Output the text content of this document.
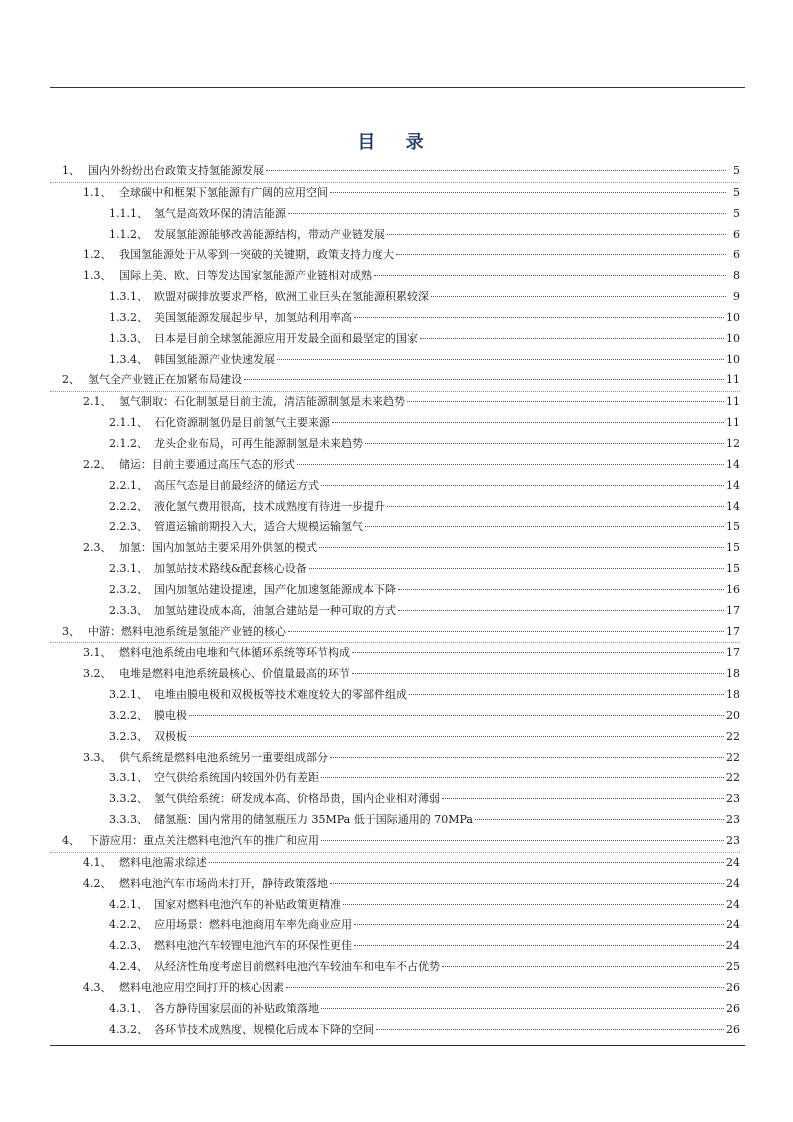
目 录
1、 国内外纷纷出台政策支持氢能源发展	5
1.1、 全球碳中和框架下氢能源有广阔的应用空间	5
1.1.1、 氢气是高效环保的清洁能源	5
1.1.2、 发展氢能源能够改善能源结构，带动产业链发展	6
1.2、 我国氢能源处于从零到一突破的关键期，政策支持力度大	6
1.3、 国际上美、欧、日等发达国家氢能源产业链相对成熟	8
1.3.1、 欧盟对碳排放要求严格，欧洲工业巨头在氢能源积累较深	9
1.3.2、 美国氢能源发展起步早，加氢站利用率高	10
1.3.3、 日本是目前全球氢能源应用开发最全面和最坚定的国家	10
1.3.4、 韩国氢能源产业快速发展	10
2、 氢气全产业链正在加紧布局建设	11
2.1、 氢气制取：石化制氢是目前主流，清洁能源制氢是未来趋势	11
2.1.1、 石化资源制氢仍是目前氢气主要来源	11
2.1.2、 龙头企业布局，可再生能源制氢是未来趋势	12
2.2、 储运：目前主要通过高压气态的形式	14
2.2.1、 高压气态是目前最经济的储运方式	14
2.2.2、 液化氢气费用很高，技术成熟度有待进一步提升	14
2.2.3、 管道运输前期投入大，适合大规模运输氢气	15
2.3、 加氢：国内加氢站主要采用外供氢的模式	15
2.3.1、 加氢站技术路线&配套核心设备	15
2.3.2、 国内加氢站建设提速，国产化加速氢能源成本下降	16
2.3.3、 加氢站建设成本高，油氢合建站是一种可取的方式	17
3、 中游：燃料电池系统是氢能产业链的核心	17
3.1、 燃料电池系统由电堆和气体循环系统等环节构成	17
3.2、 电堆是燃料电池系统最核心、价值量最高的环节	18
3.2.1、 电堆由膜电极和双极板等技术难度较大的零部件组成	18
3.2.2、 膜电极	20
3.2.3、 双极板	22
3.3、 供气系统是燃料电池系统另一重要组成部分	22
3.3.1、 空气供给系统国内较国外仍有差距	22
3.3.2、 氢气供给系统：研发成本高、价格昂贵，国内企业相对薄弱	23
3.3.3、 储氢瓶：国内常用的储氢瓶压力 35MPa 低于国际通用的 70MPa	23
4、 下游应用：重点关注燃料电池汽车的推广和应用	23
4.1、 燃料电池需求综述	24
4.2、 燃料电池汽车市场尚未打开，静待政策落地	24
4.2.1、 国家对燃料电池汽车的补贴政策更精准	24
4.2.2、 应用场景：燃料电池商用车率先商业应用	24
4.2.3、 燃料电池汽车较锂电池汽车的环保性更佳	24
4.2.4、 从经济性角度考虑目前燃料电池汽车较油车和电车不占优势	25
4.3、 燃料电池应用空间打开的核心因素	26
4.3.1、 各方静待国家层面的补贴政策落地	26
4.3.2、 各环节技术成熟度、规模化后成本下降的空间	26
